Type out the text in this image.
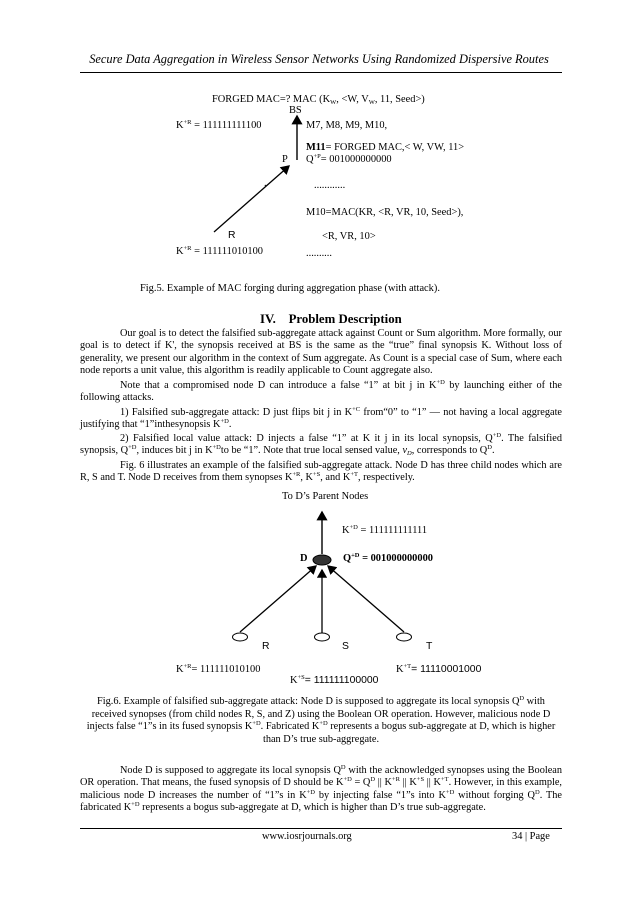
Secure Data Aggregation in Wireless Sensor Networks Using Randomized Dispersive Routes
FORGED MAC=? MAC ($K_W$, <W, $V_W$, 11, Seed>)
BS
$K^{+R} = 111111111100$	M7, M8, M9, M10,
M11= FORGED MAC,< W, VW, 11>
P $Q^{+P}= 001000000000$
.	............
M10=MAC(KR, <R, VR, 10, Seed>),
R	<R, VR, 10>
$K^{+R} = 111111010100$	..........
Fig.5. Example of MAC forging during aggregation phase (with attack).
IV. Problem Description
Our goal is to detect the falsified sub-aggregate attack against Count or Sum algorithm. More formally, our goal is to detect if K', the synopsis received at BS is the same as the “true” final synopsis K. Without loss of generality, we present our algorithm in the context of Sum aggregate. As Count is a special case of Sum, where each node reports a unit value, this algorithm is readily applicable to Count aggregate also.
Note that a compromised node D can introduce a false “1” at bit j in $K^{+D}$ by launching either of the following attacks.
1) Falsified sub-aggregate attack: D just flips bit j in $K^{+C}$ from“0” to “1” — not having a local aggregate justifying that “1”inthesynopsis $K^{+D}$.
2) Falsified local value attack: D injects a false “1” at K it j in its local synopsis, $Q^{+D}$. The falsified synopsis, $Q^{+D}$, induces bit j in $K^{+D}to$ be “1”. Note that true local sensed value, $v_D$, corresponds to $Q^D$.
Fig. 6 illustrates an example of the falsified sub-aggregate attack. Node D has three child nodes which are R, S and T. Node D receives from them synopses $K^{+R}$, $K^{+S}$, and $K^{+T}$, respectively.
To D’s Parent Nodes
$K^{+D} = 111111111111$
D	$Q^{+D} = 001000000000$
R	S	T
$K^{+R}= 111111010100$
$K^{+S}= 111111100000$
$K^{+T}= 11110001000$
Fig.6. Example of falsified sub-aggregate attack: Node D is supposed to aggregate its local synopsis $Q^D$ with received synopses (from child nodes R, S, and Z) using the Boolean OR operation. However, malicious node D injects false “1”s in its fused synopsis $K^{+D}$. Fabricated $K^{+D}$ represents a bogus sub-aggregate at D, which is higher than D’s true sub-aggregate.
Node D is supposed to aggregate its local synopsis $Q^D$ with the acknowledged synopses using the Boolean OR operation. That means, the fused synopsis of D should be $K^{+D} = Q^D$ || $K^{+R}$ || $K^{+S}$ || $K^{+T}$. However, in this example, malicious node D increases the number of “1”s in $K^{+D}$ by injecting false “1”s into $K^{+D}$ without forging $Q^D$. The fabricated $K^{+D}$ represents a bogus sub-aggregate at D, which is higher than D’s true sub-aggregate.
www.iosrjournals.org	34 | Page
